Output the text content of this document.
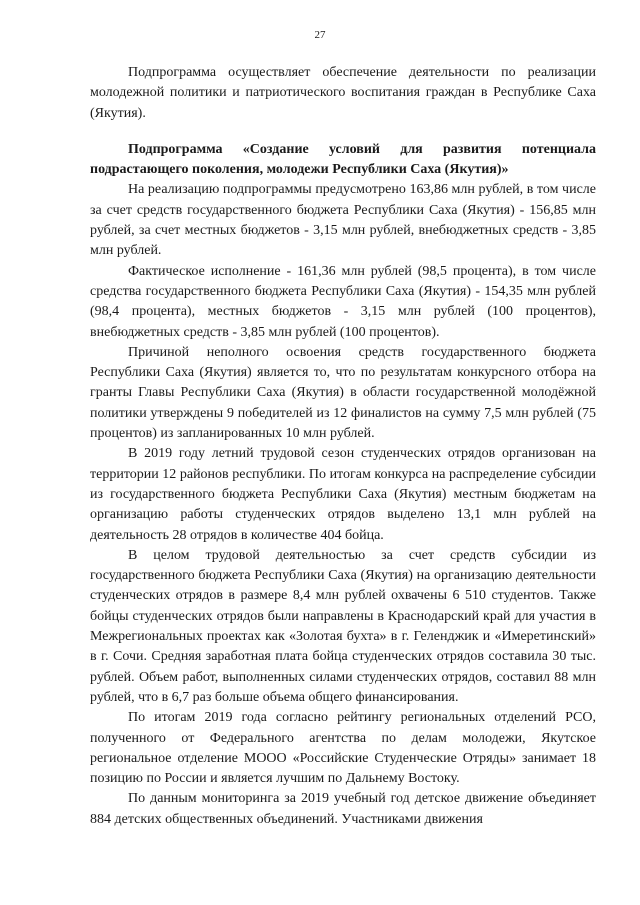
27

Подпрограмма осуществляет обеспечение деятельности по реализации молодежной политики и патриотического воспитания граждан в Республике Саха (Якутия).

Подпрограмма «Создание условий для развития потенциала подрастающего поколения, молодежи Республики Саха (Якутия)»

На реализацию подпрограммы предусмотрено 163,86 млн рублей, в том числе за счет средств государственного бюджета Республики Саха (Якутия) - 156,85 млн рублей, за счет местных бюджетов - 3,15 млн рублей, внебюджетных средств - 3,85 млн рублей.

Фактическое исполнение - 161,36 млн рублей (98,5 процента), в том числе средства государственного бюджета Республики Саха (Якутия) - 154,35 млн рублей (98,4 процента), местных бюджетов - 3,15 млн рублей (100 процентов), внебюджетных средств - 3,85 млн рублей (100 процентов).

Причиной неполного освоения средств государственного бюджета Республики Саха (Якутия) является то, что по результатам конкурсного отбора на гранты Главы Республики Саха (Якутия) в области государственной молодёжной политики утверждены 9 победителей из 12 финалистов на сумму 7,5 млн рублей (75 процентов) из запланированных 10 млн рублей.

В 2019 году летний трудовой сезон студенческих отрядов организован на территории 12 районов республики. По итогам конкурса на распределение субсидии из государственного бюджета Республики Саха (Якутия) местным бюджетам на организацию работы студенческих отрядов выделено 13,1 млн рублей на деятельность 28 отрядов в количестве 404 бойца.

В целом трудовой деятельностью за счет средств субсидии из государственного бюджета Республики Саха (Якутия) на организацию деятельности студенческих отрядов в размере 8,4 млн рублей охвачены 6 510 студентов. Также бойцы студенческих отрядов были направлены в Краснодарский край для участия в Межрегиональных проектах как «Золотая бухта» в г. Геленджик и «Имеретинский» в г. Сочи. Средняя заработная плата бойца студенческих отрядов составила 30 тыс. рублей. Объем работ, выполненных силами студенческих отрядов, составил 88 млн рублей, что в 6,7 раз больше объема общего финансирования.

По итогам 2019 года согласно рейтингу региональных отделений РСО, полученного от Федерального агентства по делам молодежи, Якутское региональное отделение МООО «Российские Студенческие Отряды» занимает 18 позицию по России и является лучшим по Дальнему Востоку.

По данным мониторинга за 2019 учебный год детское движение объединяет 884 детских общественных объединений. Участниками движения
